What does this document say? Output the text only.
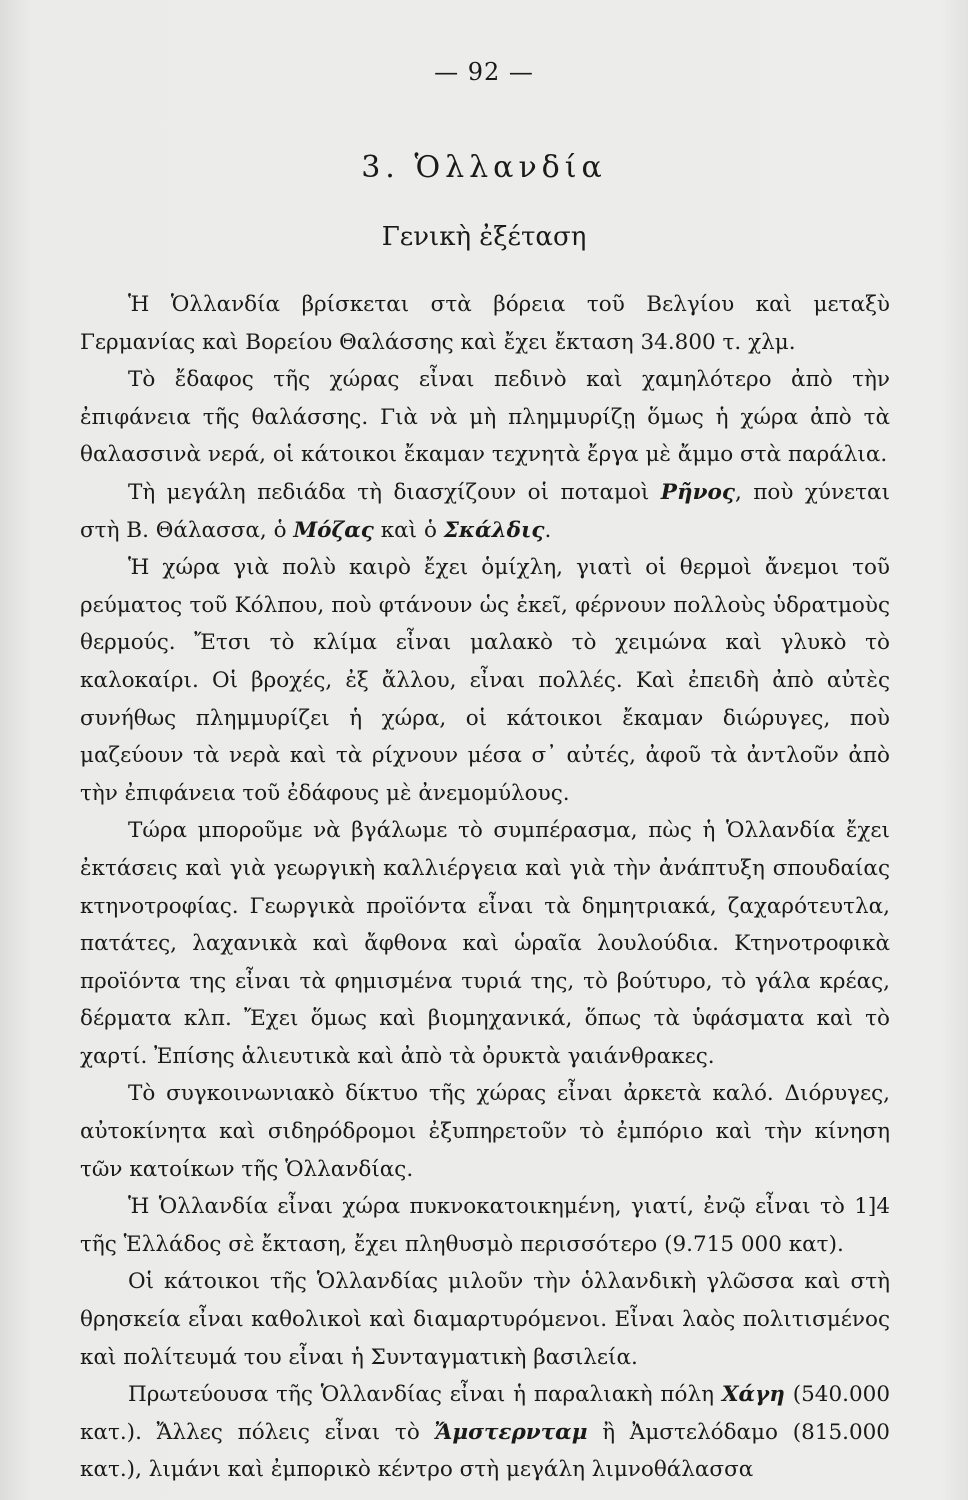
— 92 —
3. Ὁλλανδία
Γενικὴ ἐξέταση

Ἡ Ὁλλανδία βρίσκεται στὰ βόρεια τοῦ Βελγίου καὶ μεταξὺ Γερμανίας καὶ Βορείου Θαλάσσης καὶ ἔχει ἔκταση 34.800 τ. χλμ.

Τὸ ἔδαφος τῆς χώρας εἶναι πεδινὸ καὶ χαμηλότερο ἀπὸ τὴν ἐπιφάνεια τῆς θαλάσσης. Γιὰ νὰ μὴ πλημμυρίζῃ ὅμως ἡ χώρα ἀπὸ τὰ θαλασσινὰ νερά, οἱ κάτοικοι ἔκαμαν τεχνητὰ ἔργα μὲ ἄμμο στὰ παράλια.

Τὴ μεγάλη πεδιάδα τὴ διασχίζουν οἱ ποταμοὶ Ρῆνος, ποὺ χύνεται στὴ Β. Θάλασσα, ὁ Μόζας καὶ ὁ Σκάλδις.

Ἡ χώρα γιὰ πολὺ καιρὸ ἔχει ὁμίχλη, γιατὶ οἱ θερμοὶ ἄνεμοι τοῦ ρεύματος τοῦ Κόλπου, ποὺ φτάνουν ὡς ἐκεῖ, φέρνουν πολλοὺς ὑδρατμοὺς θερμούς. Ἔτσι τὸ κλίμα εἶναι μαλακὸ τὸ χειμώνα καὶ γλυκὸ τὸ καλοκαίρι. Οἱ βροχές, ἐξ ἄλλου, εἶναι πολλές. Καὶ ἐπειδὴ ἀπὸ αὐτὲς συνήθως πλημμυρίζει ἡ χώρα, οἱ κάτοικοι ἔκαμαν διώρυγες, ποὺ μαζεύουν τὰ νερὰ καὶ τὰ ρίχνουν μέσα σ᾽ αὐτές, ἀφοῦ τὰ ἀντλοῦν ἀπὸ τὴν ἐπιφάνεια τοῦ ἐδάφους μὲ ἀνεμομύλους.

Τώρα μποροῦμε νὰ βγάλωμε τὸ συμπέρασμα, πὼς ἡ Ὁλλανδία ἔχει ἐκτάσεις καὶ γιὰ γεωργικὴ καλλιέργεια καὶ γιὰ τὴν ἀνάπτυξη σπουδαίας κτηνοτροφίας. Γεωργικὰ προϊόντα εἶναι τὰ δημητριακά, ζαχαρότευτλα, πατάτες, λαχανικὰ καὶ ἄφθονα καὶ ὡραῖα λουλούδια. Κτηνοτροφικὰ προϊόντα της εἶναι τὰ φημισμένα τυριά της, τὸ βούτυρο, τὸ γάλα κρέας, δέρματα κλπ. Ἔχει ὅμως καὶ βιομηχανικά, ὅπως τὰ ὑφάσματα καὶ τὸ χαρτί. Ἐπίσης ἁλιευτικὰ καὶ ἀπὸ τὰ ὀρυκτὰ γαιάνθρακες.

Τὸ συγκοινωνιακὸ δίκτυο τῆς χώρας εἶναι ἀρκετὰ καλό. Διόρυγες, αὐτοκίνητα καὶ σιδηρόδρομοι ἐξυπηρετοῦν τὸ ἐμπόριο καὶ τὴν κίνηση τῶν κατοίκων τῆς Ὁλλανδίας.

Ἡ Ὁλλανδία εἶναι χώρα πυκνοκατοικημένη, γιατί, ἐνῷ εἶναι τὸ 1]4 τῆς Ἑλλάδος σὲ ἔκταση, ἔχει πληθυσμὸ περισσότερο (9.715 000 κατ).

Οἱ κάτοικοι τῆς Ὁλλανδίας μιλοῦν τὴν ὁλλανδικὴ γλῶσσα καὶ στὴ θρησκεία εἶναι καθολικοὶ καὶ διαμαρτυρόμενοι. Εἶναι λαὸς πολιτισμένος καὶ πολίτευμά του εἶναι ἡ Συνταγματικὴ βασιλεία.

Πρωτεύουσα τῆς Ὁλλανδίας εἶναι ἡ παραλιακὴ πόλη Χάγη (540.000 κατ.). Ἄλλες πόλεις εἶναι τὸ Ἄμστερνταμ ἢ Ἀμστελόδαμο (815.000 κατ.), λιμάνι καὶ ἐμπορικὸ κέντρο στὴ μεγάλη λιμνοθάλασσα
